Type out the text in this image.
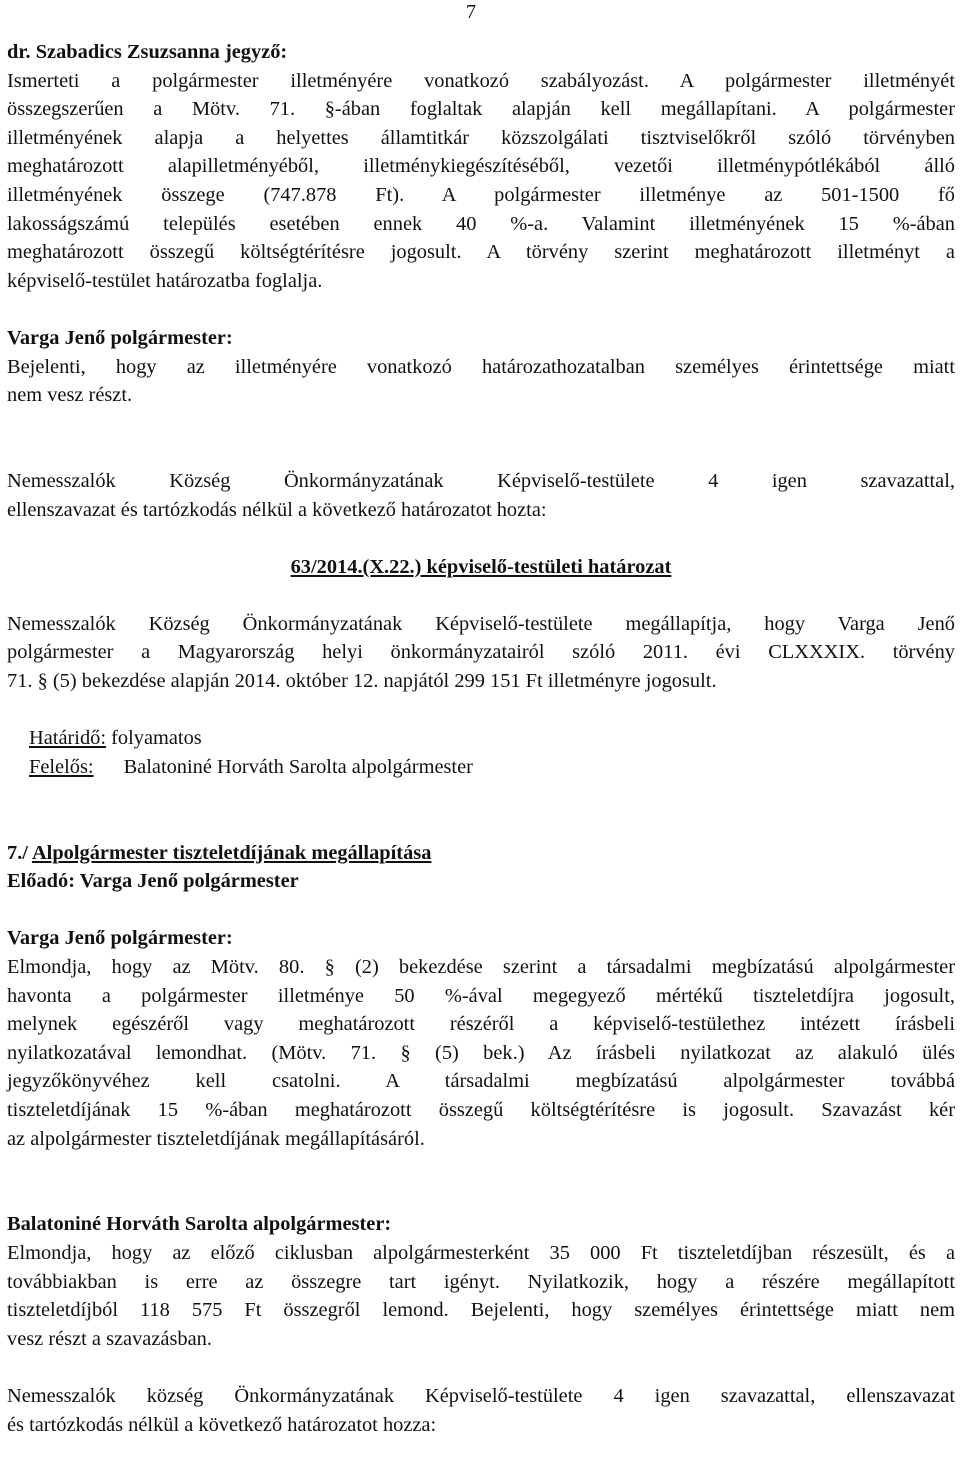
7

dr. Szabadics Zsuzsanna jegyző:

Ismerteti a polgármester illetményére vonatkozó szabályozást. A polgármester illetményét

összegszerűen a Mötv. 71. §-ában foglaltak alapján kell megállapítani. A polgármester

illetményének alapja a helyettes államtitkár közszolgálati tisztviselőkről szóló törvényben

meghatározott alapilletményéből, illetménykiegészítéséből, vezetői illetménypótlékából álló

illetményének összege (747.878 Ft). A polgármester illetménye az 501-1500 fő

lakosságszámú település esetében ennek 40 %-a. Valamint illetményének 15 %-ában

meghatározott összegű költségtérítésre jogosult. A törvény szerint meghatározott illetményt a

képviselő-testület határozatba foglalja.

Varga Jenő polgármester:

Bejelenti, hogy az illetményére vonatkozó határozathozatalban személyes érintettsége miatt

nem vesz részt.

Nemesszalók Község Önkormányzatának Képviselő-testülete 4 igen szavazattal,

ellenszavazat és tartózkodás nélkül a következő határozatot hozta:

63/2014.(X.22.) képviselő-testületi határozat

Nemesszalók Község Önkormányzatának Képviselő-testülete megállapítja, hogy Varga Jenő

polgármester a Magyarország helyi önkormányzatairól szóló 2011. évi CLXXXIX. törvény

71. § (5) bekezdése alapján 2014. október 12. napjától 299 151 Ft illetményre jogosult.

Határidő: folyamatos

Felelős: Balatoniné Horváth Sarolta alpolgármester

7./ Alpolgármester tiszteletdíjának megállapítása

Előadó: Varga Jenő polgármester

Varga Jenő polgármester:

Elmondja, hogy az Mötv. 80. § (2) bekezdése szerint a társadalmi megbízatású alpolgármester

havonta a polgármester illetménye 50 %-ával megegyező mértékű tiszteletdíjra jogosult,

melynek egészéről vagy meghatározott részéről a képviselő-testülethez intézett írásbeli

nyilatkozatával lemondhat. (Mötv. 71. § (5) bek.) Az írásbeli nyilatkozat az alakuló ülés

jegyzőkönyvéhez kell csatolni. A társadalmi megbízatású alpolgármester továbbá

tiszteletdíjának 15 %-ában meghatározott összegű költségtérítésre is jogosult. Szavazást kér

az alpolgármester tiszteletdíjának megállapításáról.

Balatoniné Horváth Sarolta alpolgármester:

Elmondja, hogy az előző ciklusban alpolgármesterként 35 000 Ft tiszteletdíjban részesült, és a

továbbiakban is erre az összegre tart igényt. Nyilatkozik, hogy a részére megállapított

tiszteletdíjból 118 575 Ft összegről lemond. Bejelenti, hogy személyes érintettsége miatt nem

vesz részt a szavazásban.

Nemesszalók község Önkormányzatának Képviselő-testülete 4 igen szavazattal, ellenszavazat

és tartózkodás nélkül a következő határozatot hozza:
